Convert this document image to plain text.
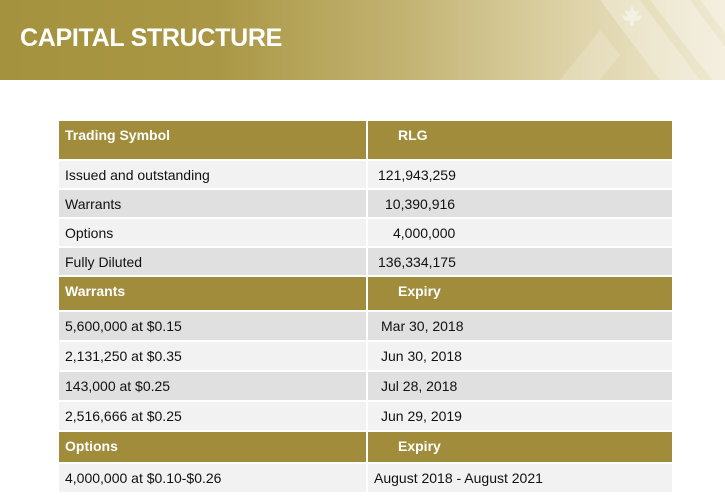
CAPITAL STRUCTURE
Trading Symbol	RLG
Issued and outstanding	121,943,259
Warrants	10,390,916
Options	4,000,000
Fully Diluted	136,334,175
Warrants	Expiry
5,600,000 at $0.15	Mar 30, 2018
2,131,250 at $0.35	Jun 30, 2018
143,000 at $0.25	Jul 28, 2018
2,516,666 at $0.25	Jun 29, 2019
Options	Expiry
4,000,000 at $0.10-$0.26	August 2018 - August 2021
